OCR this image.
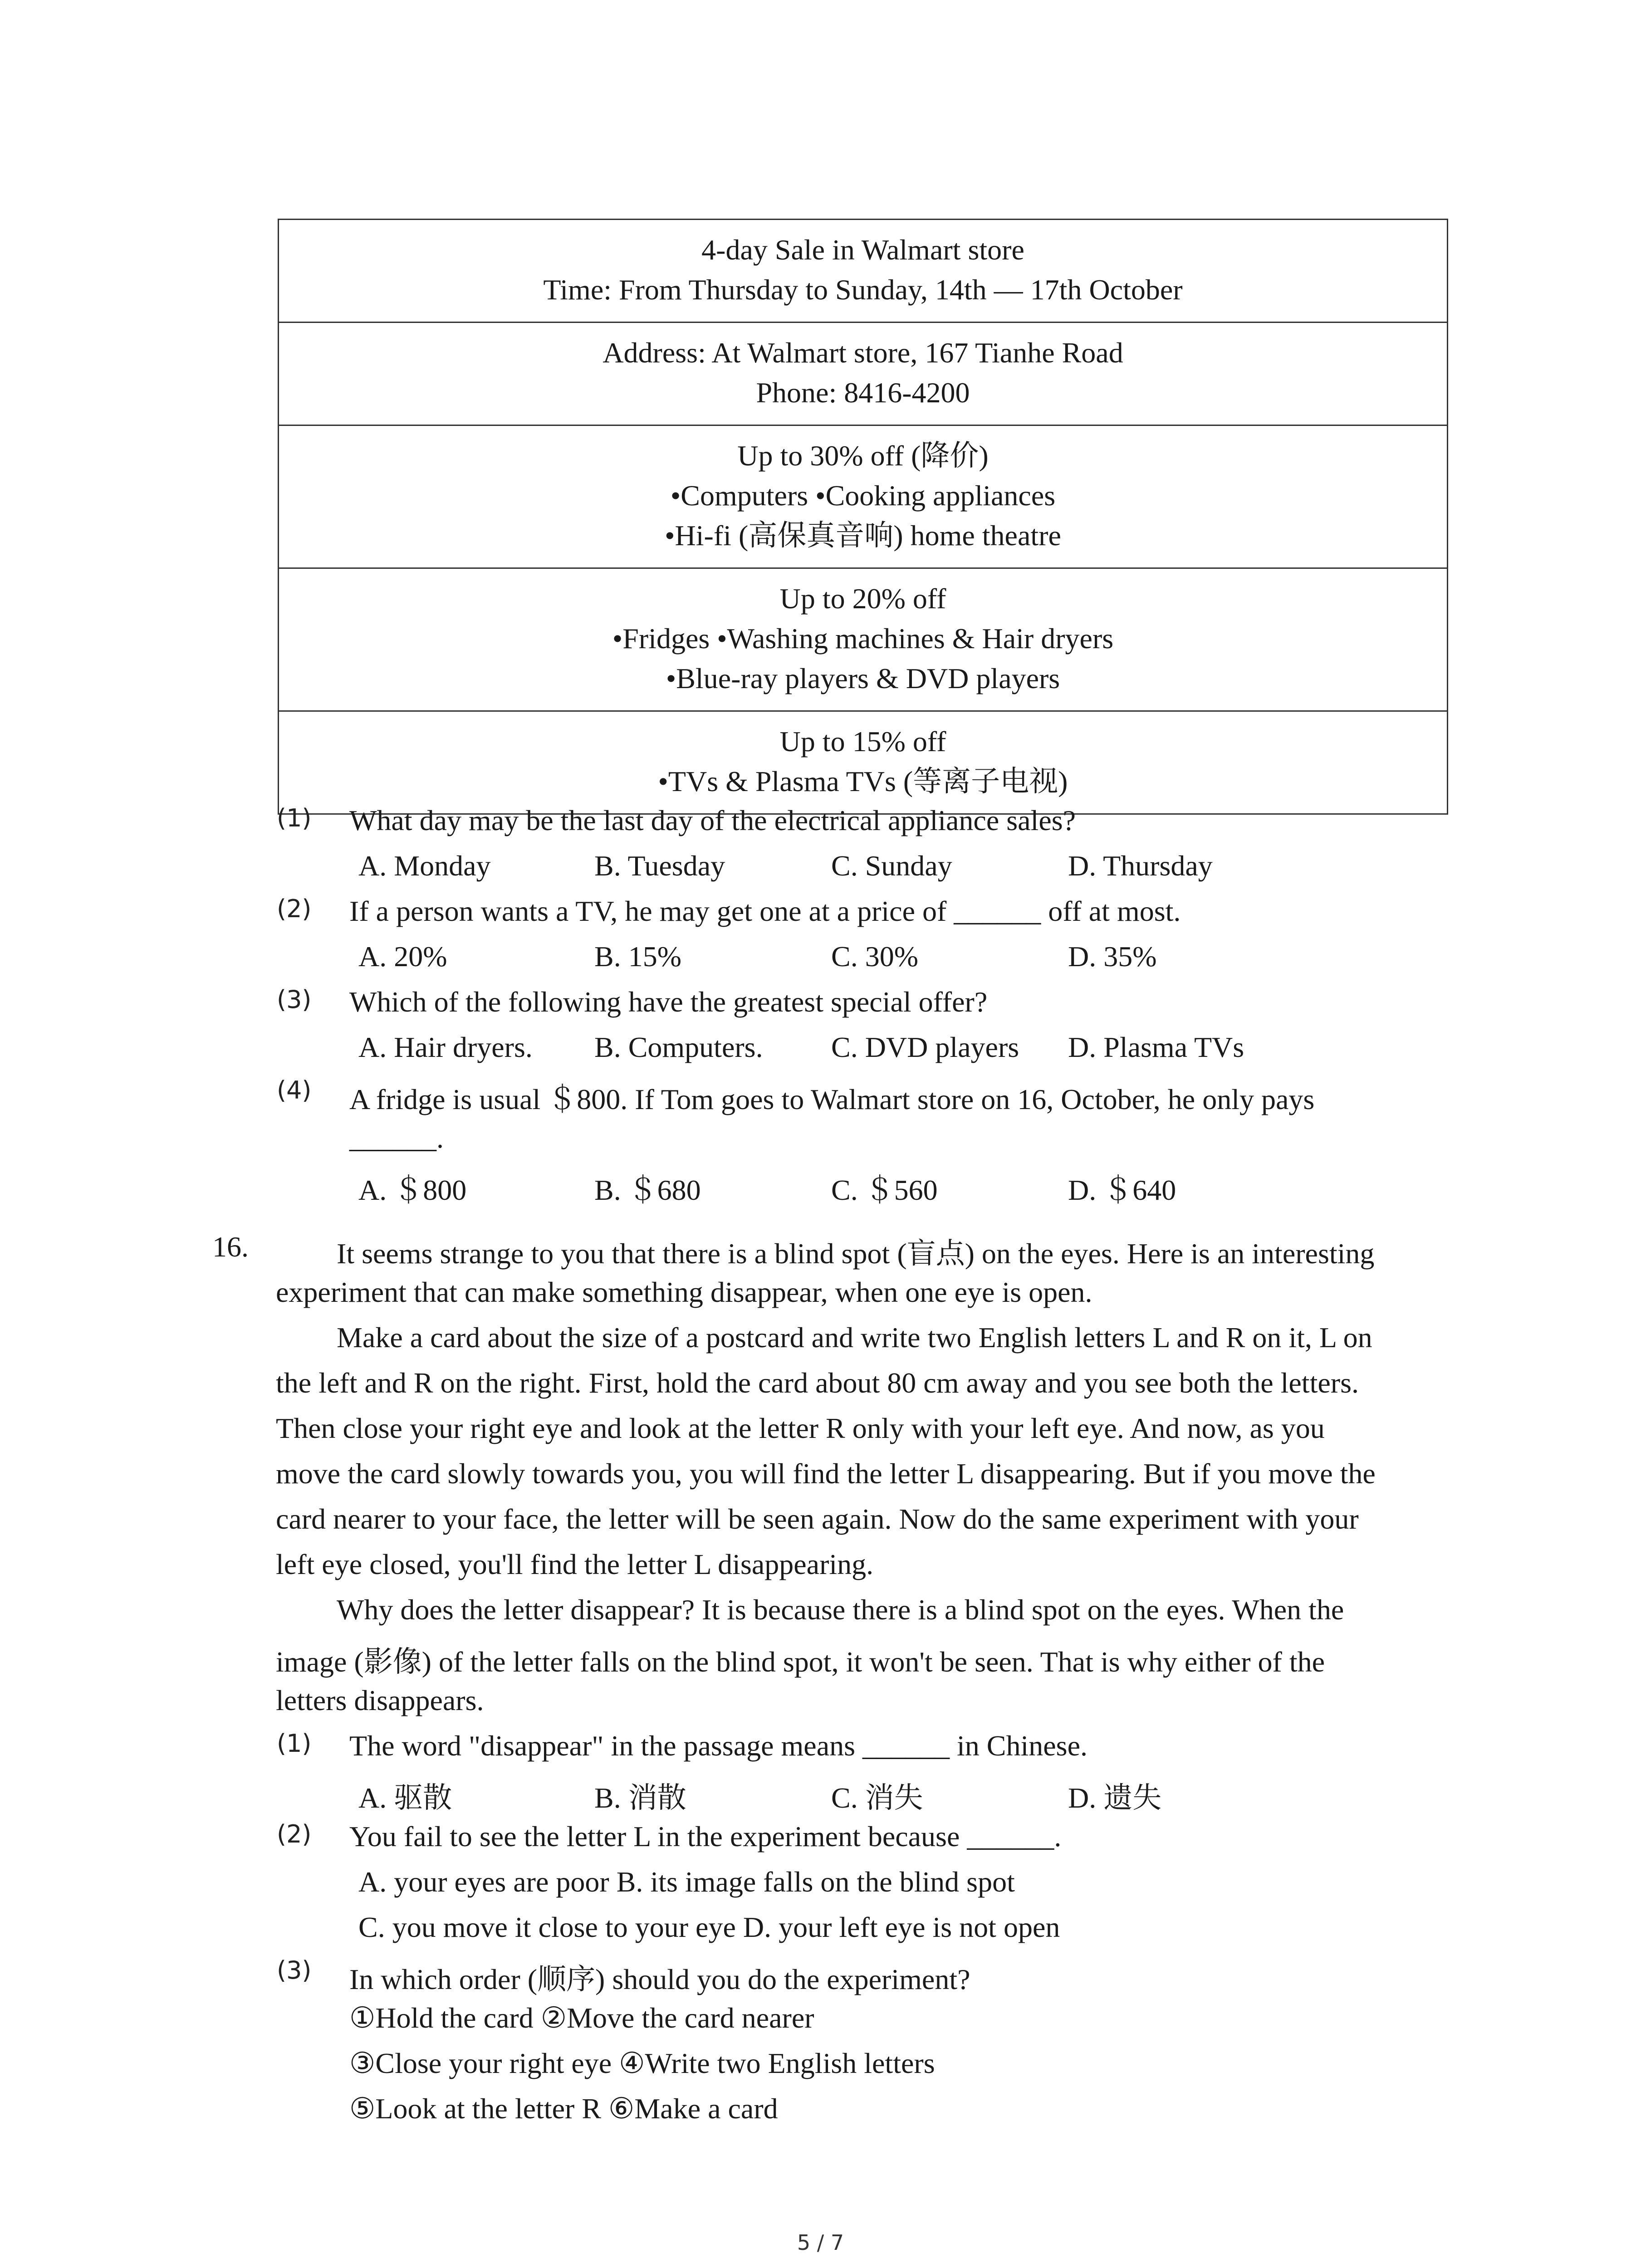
4-day Sale in Walmart store
Time: From Thursday to Sunday, 14th — 17th October
Address: At Walmart store, 167 Tianhe Road
Phone: 8416-4200
Up to 30% off (降价)
•Computers •Cooking appliances
•Hi-fi (高保真音响) home theatre
Up to 20% off
•Fridges •Washing machines & Hair dryers
•Blue-ray players & DVD players
Up to 15% off
•TVs & Plasma TVs (等离子电视)
(1)	What day may be the last day of the electrical appliance sales?
A. Monday	B. Tuesday	C. Sunday	D. Thursday
(2)	If a person wants a TV, he may get one at a price of ______ off at most.
A. 20%	B. 15%	C. 30%	D. 35%
(3)	Which of the following have the greatest special offer?
A. Hair dryers. B. Computers. C. DVD players D. Plasma TVs
(4)	A fridge is usual ＄800. If Tom goes to Walmart store on 16, October, he only pays
______.
A. ＄800	B. ＄680	C. ＄560	D. ＄640
16.	It seems strange to you that there is a blind spot (盲点) on the eyes. Here is an interesting
experiment that can make something disappear, when one eye is open.
Make a card about the size of a postcard and write two English letters L and R on it, L on
the left and R on the right. First, hold the card about 80 cm away and you see both the letters.
Then close your right eye and look at the letter R only with your left eye. And now, as you
move the card slowly towards you, you will find the letter L disappearing. But if you move the
card nearer to your face, the letter will be seen again. Now do the same experiment with your
left eye closed, you'll find the letter L disappearing.
Why does the letter disappear? It is because there is a blind spot on the eyes. When the
image (影像) of the letter falls on the blind spot, it won't be seen. That is why either of the
letters disappears.
(1)	The word "disappear" in the passage means ______ in Chinese.
A. 驱散	B. 消散	C. 消失	D. 遗失
(2)	You fail to see the letter L in the experiment because ______.
A. your eyes are poor B. its image falls on the blind spot
C. you move it close to your eye D. your left eye is not open
(3)	In which order (顺序) should you do the experiment?
①Hold the card ②Move the card nearer
③Close your right eye ④Write two English letters
⑤Look at the letter R ⑥Make a card
5 / 7
